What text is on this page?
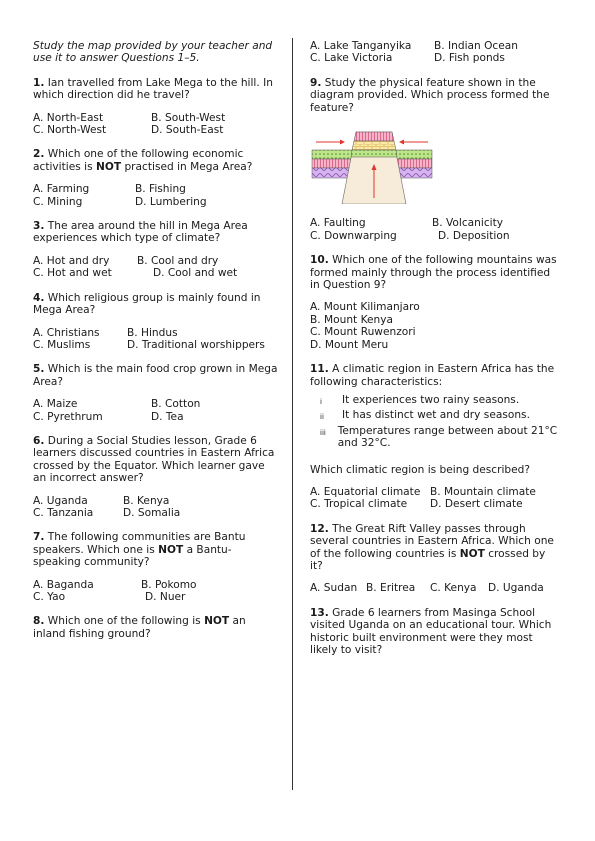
Study the map provided by your teacher and use it to answer Questions 1–5.

1. Ian travelled from Lake Mega to the hill. In which direction did he travel?

A. North-East	B. South-West
C. North-West	D. South-East

2. Which one of the following economic activities is NOT practised in Mega Area?

A. Farming	B. Fishing
C. Mining	D. Lumbering

3. The area around the hill in Mega Area experiences which type of climate?

A. Hot and dry	B. Cool and dry
C. Hot and wet	D. Cool and wet

4. Which religious group is mainly found in Mega Area?

A. Christians	B. Hindus
C. Muslims	D. Traditional worshippers

5. Which is the main food crop grown in Mega Area?

A. Maize	B. Cotton
C. Pyrethrum	D. Tea

6. During a Social Studies lesson, Grade 6 learners discussed countries in Eastern Africa crossed by the Equator. Which learner gave an incorrect answer?

A. Uganda	B. Kenya
C. Tanzania	D. Somalia

7. The following communities are Bantu speakers. Which one is NOT a Bantu-speaking community?

A. Baganda	B. Pokomo
C. Yao	D. Nuer

8. Which one of the following is NOT an inland fishing ground?

A. Lake Tanganyika B. Indian Ocean
C. Lake Victoria	D. Fish ponds

9. Study the physical feature shown in the diagram provided. Which process formed the feature?

A. Faulting	B. Volcanicity
C. Downwarping	D. Deposition

10. Which one of the following mountains was formed mainly through the process identified in Question 9?

A. Mount Kilimanjaro
B. Mount Kenya
C. Mount Ruwenzori
D. Mount Meru

11. A climatic region in Eastern Africa has the following characteristics:

i	It experiences two rainy seasons.
ii	It has distinct wet and dry seasons.
iii	Temperatures range between about 21°C and 32°C.

Which climatic region is being described?

A. Equatorial climate B. Mountain climate
C. Tropical climate D. Desert climate

12. The Great Rift Valley passes through several countries in Eastern Africa. Which one of the following countries is NOT crossed by it?

A. Sudan B. Eritrea C. Kenya D. Uganda

13. Grade 6 learners from Masinga School visited Uganda on an educational tour. Which historic built environment were they most likely to visit?
